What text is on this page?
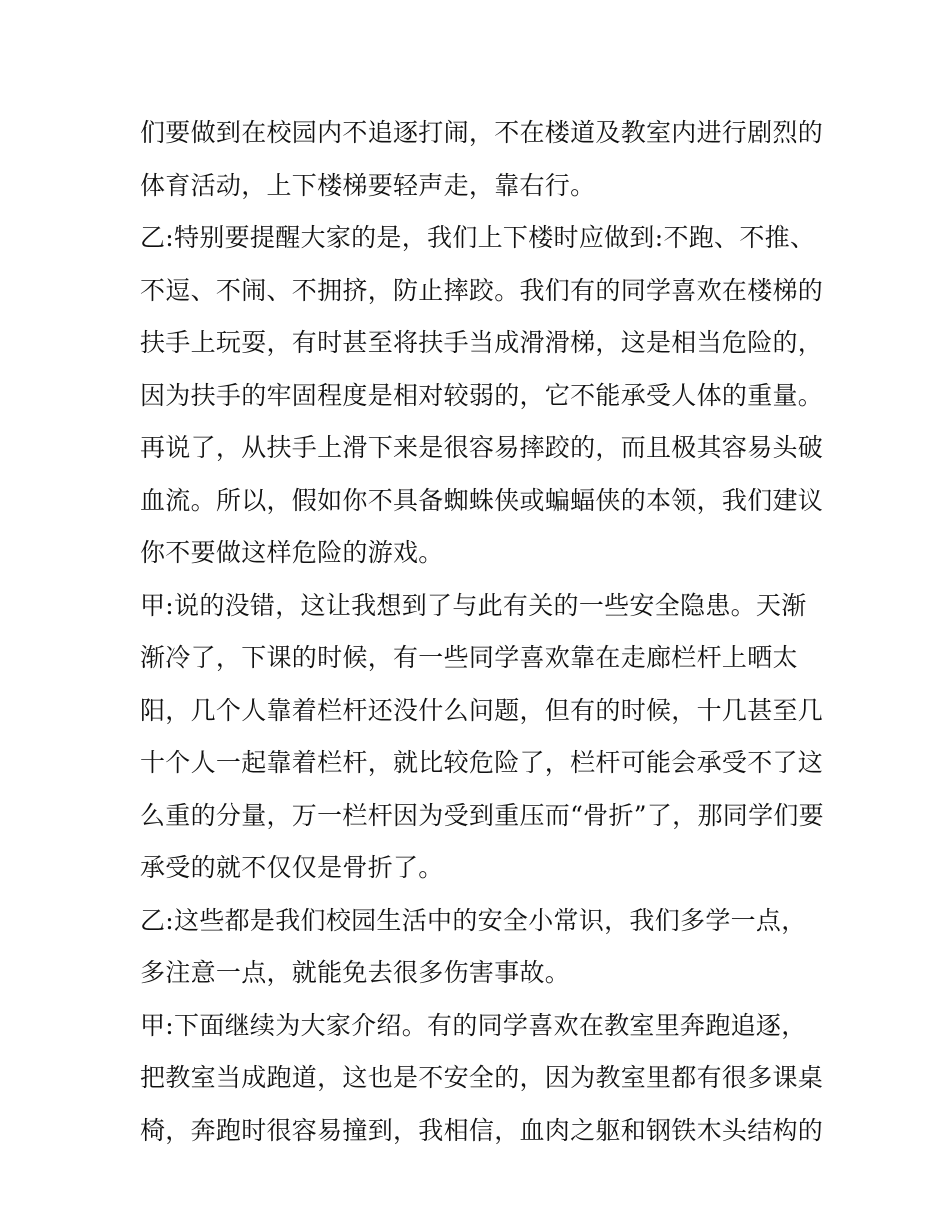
们要做到在校园内不追逐打闹，不在楼道及教室内进行剧烈的
体育活动，上下楼梯要轻声走，靠右行。
乙:特别要提醒大家的是，我们上下楼时应做到:不跑、不推、
不逗、不闹、不拥挤，防止摔跤。我们有的同学喜欢在楼梯的
扶手上玩耍，有时甚至将扶手当成滑滑梯，这是相当危险的，
因为扶手的牢固程度是相对较弱的，它不能承受人体的重量。
再说了，从扶手上滑下来是很容易摔跤的，而且极其容易头破
血流。所以，假如你不具备蜘蛛侠或蝙蝠侠的本领，我们建议
你不要做这样危险的游戏。
甲:说的没错，这让我想到了与此有关的一些安全隐患。天渐
渐冷了，下课的时候，有一些同学喜欢靠在走廊栏杆上晒太
阳，几个人靠着栏杆还没什么问题，但有的时候，十几甚至几
十个人一起靠着栏杆，就比较危险了，栏杆可能会承受不了这
么重的分量，万一栏杆因为受到重压而“骨折”了，那同学们要
承受的就不仅仅是骨折了。
乙:这些都是我们校园生活中的安全小常识，我们多学一点，
多注意一点，就能免去很多伤害事故。
甲:下面继续为大家介绍。有的同学喜欢在教室里奔跑追逐，
把教室当成跑道，这也是不安全的，因为教室里都有很多课桌
椅，奔跑时很容易撞到，我相信，血肉之躯和钢铁木头结构的
